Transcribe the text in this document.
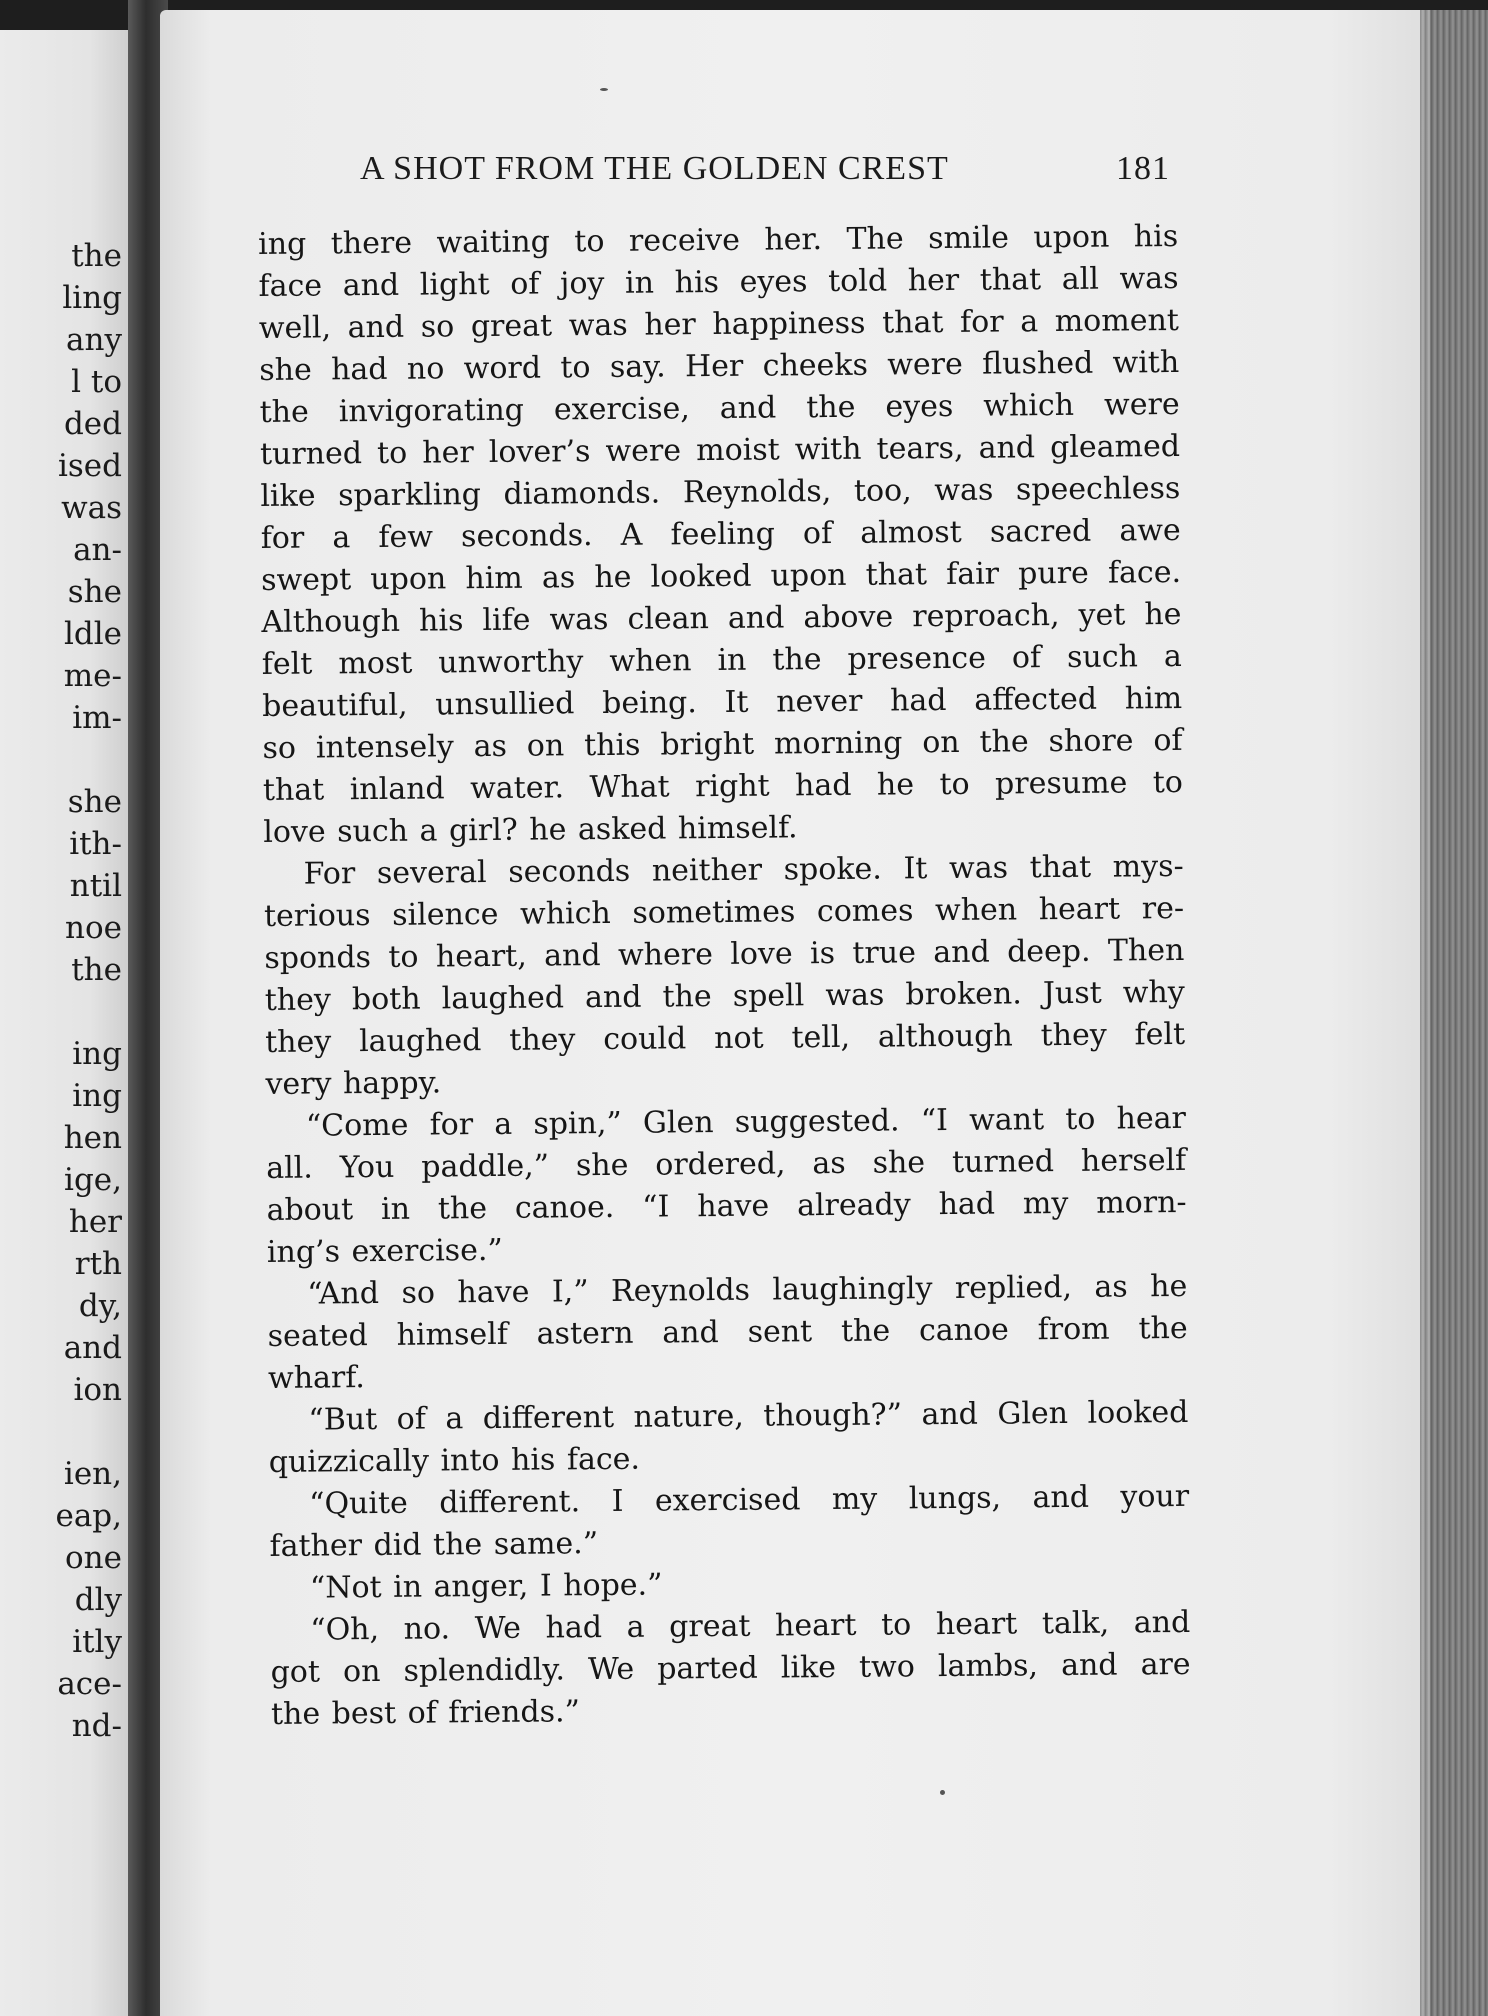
the
ling
any
l to
ded
ised
was
an-
she
ldle
me-
im-
she
ith-
ntil
noe
the
ing
ing
hen
ige,
her
rth
dy,
and
ion
ien,
eap,
one
dly
itly
ace-
nd-
A SHOT FROM THE GOLDEN CREST	181

ing there waiting to receive her. The smile upon his

face and light of joy in his eyes told her that all was

well, and so great was her happiness that for a moment

she had no word to say. Her cheeks were flushed with

the invigorating exercise, and the eyes which were

turned to her lover’s were moist with tears, and gleamed

like sparkling diamonds. Reynolds, too, was speechless

for a few seconds. A feeling of almost sacred awe

swept upon him as he looked upon that fair pure face.

Although his life was clean and above reproach, yet he

felt most unworthy when in the presence of such a

beautiful, unsullied being. It never had affected him

so intensely as on this bright morning on the shore of

that inland water. What right had he to presume to

love such a girl? he asked himself.

For several seconds neither spoke. It was that mys-

terious silence which sometimes comes when heart re-

sponds to heart, and where love is true and deep. Then

they both laughed and the spell was broken. Just why

they laughed they could not tell, although they felt

very happy.

“Come for a spin,” Glen suggested. “I want to hear

all. You paddle,” she ordered, as she turned herself

about in the canoe. “I have already had my morn-

ing’s exercise.”

“And so have I,” Reynolds laughingly replied, as he

seated himself astern and sent the canoe from the

wharf.

“But of a different nature, though?” and Glen looked

quizzically into his face.

“Quite different. I exercised my lungs, and your

father did the same.”

“Not in anger, I hope.”

“Oh, no. We had a great heart to heart talk, and

got on splendidly. We parted like two lambs, and are

the best of friends.”
